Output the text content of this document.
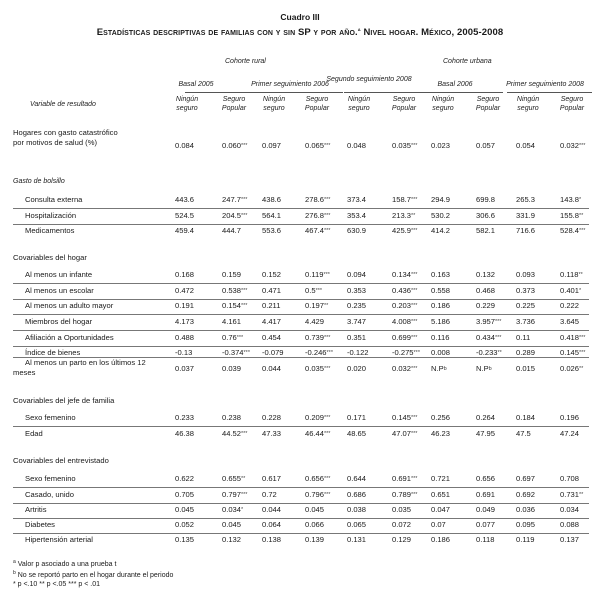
Cuadro III
Estadísticas descriptivas de familias con y sin SP y por año.$^a$ Nivel hogar. México, 2005-2008
Cohorte rural	Cohorte urbana
Basal 2005	Primer seguimiento 2006
Segundo seguimiento 2008
Basal 2006	Primer seguimiento 2008
Variable de resultado
Ningún seguro
Seguro Popular
Ningún seguro
Seguro Popular
Ningún seguro
Seguro Popular
Ningún seguro
Seguro Popular
Ningún seguro
Seguro Popular
Hogares con gasto catastrófico por motivos de salud (%)	0.084	0.060*** 0.097	0.065*** 0.048	0.035*** 0.023	0.057	0.054	0.032***
Gasto de bolsillo
Consulta externa	443.6	247.7*** 438.6	278.6*** 373.4	158.7*** 294.9	699.8	265.3	143.8*
Hospitalización	524.5	204.5*** 564.1	276.8*** 353.4	213.3** 530.2	306.6	331.9	155.8**
Medicamentos	459.4	444.7	553.6	467.4*** 630.9	425.9*** 414.2	582.1	716.6	528.4***
Covariables del hogar
Al menos un infante	0.168	0.159	0.152	0.119*** 0.094	0.134*** 0.163	0.132	0.093	0.118**
Al menos un escolar	0.472	0.538*** 0.471	0.5***	0.353	0.436*** 0.558	0.468	0.373	0.401*
Al menos un adulto mayor	0.191	0.154*** 0.211	0.197** 0.235	0.203*** 0.186	0.229	0.225	0.222
Miembros del hogar	4.173	4.161	4.417	4.429	3.747	4.008*** 5.186	3.957*** 3.736	3.645
Afiliación a Oportunidades	0.488	0.76*** 0.454	0.739*** 0.351	0.699*** 0.116	0.434*** 0.11	0.418***
Índice de bienes	-0.13	-0.374*** -0.079	-0.246*** -0.122	-0.275*** 0.008	-0.233** 0.289	0.145***
Al menos un parto en los últimos 12 meses	0.037	0.039	0.044	0.035*** 0.020	0.032*** $N.P^b$	$N.P^b$	0.015	0.026**
Covariables del jefe de familia
Sexo femenino	0.233	0.238	0.228	0.209*** 0.171	0.145*** 0.256	0.264	0.184	0.196
Edad	46.38	44.52*** 47.33	46.44*** 48.65	47.07*** 46.23	47.95	47.5	47.24
Covariables del entrevistado
Sexo femenino	0.622	0.655** 0.617	0.656*** 0.644	0.691*** 0.721	0.656	0.697	0.708
Casado, unido	0.705	0.797*** 0.72	0.796*** 0.686	0.789*** 0.651	0.691	0.692	0.731**
Artritis	0.045	0.034* 0.044	0.045	0.038	0.035	0.047	0.049	0.036	0.034
Diabetes	0.052	0.045	0.064	0.066	0.065	0.072	0.07	0.077	0.095	0.088
Hipertensión arterial	0.135	0.132	0.138	0.139	0.131	0.129	0.186	0.118	0.119	0.137
$^a$ Valor p asociado a una prueba t
$^b$ No se reportó parto en el hogar durante el periodo
* p <.10 ** p <.05 *** p < .01
